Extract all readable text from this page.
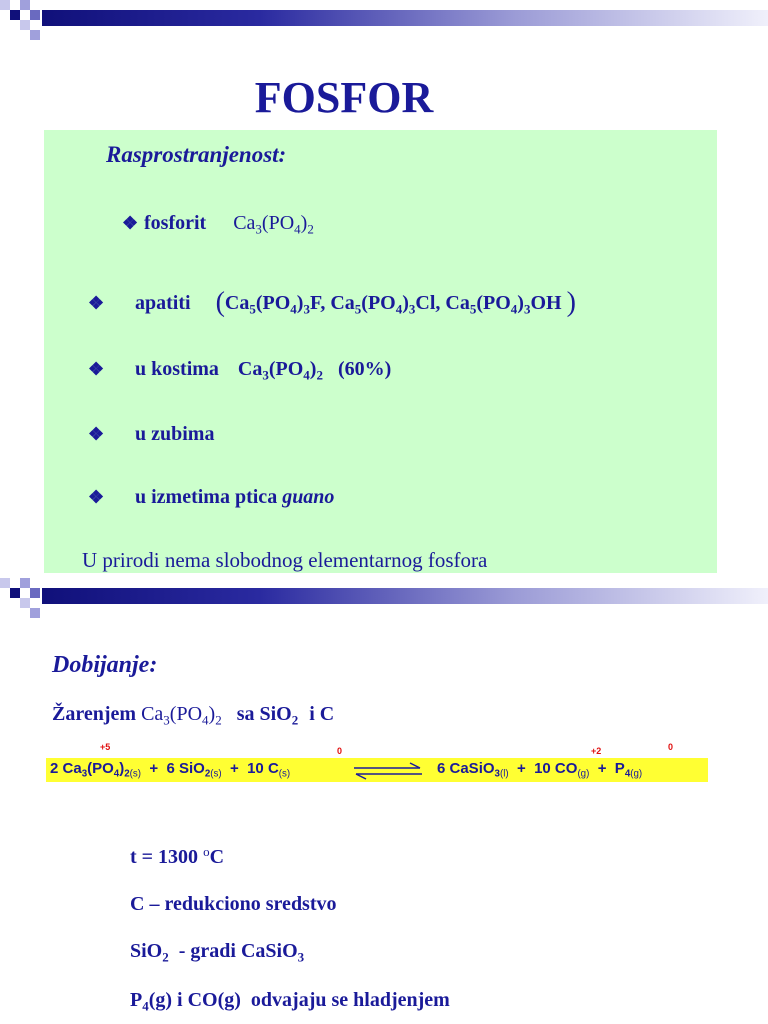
FOSFOR
Rasprostranjenost:
❖ fosforit $Ca_3(PO_4)_2$
❖ apatiti ($Ca_5(PO_4)_3F$, $Ca_5(PO_4)_3Cl$, $Ca_5(PO_4)_3OH$ )
❖ u kostima $Ca_3(PO_4)_2$ (60%)
❖ u zubima
❖ u izmetima ptica guano
U prirodi nema slobodnog elementarnog fosfora
Dobijanje:
Žarenjem $Ca_3(PO_4)_2$ sa SiO$_2$ i C
+5	0	+2	0
2 $Ca_3(PO_4)_{2(s)} + 6$ SiO$_{2(s)}$  +  10 $C_{(s)}$	6 CaSiO$_{3(l)}$  +  10 $CO_{(g)} + P_{4(g)}$
t = 1300 $^o$C
C – redukciono sredstvo
SiO$_2$  - gradi CaSiO$_3$
$P_4(g)$ i CO(g)  odvajaju se hladjenjem
